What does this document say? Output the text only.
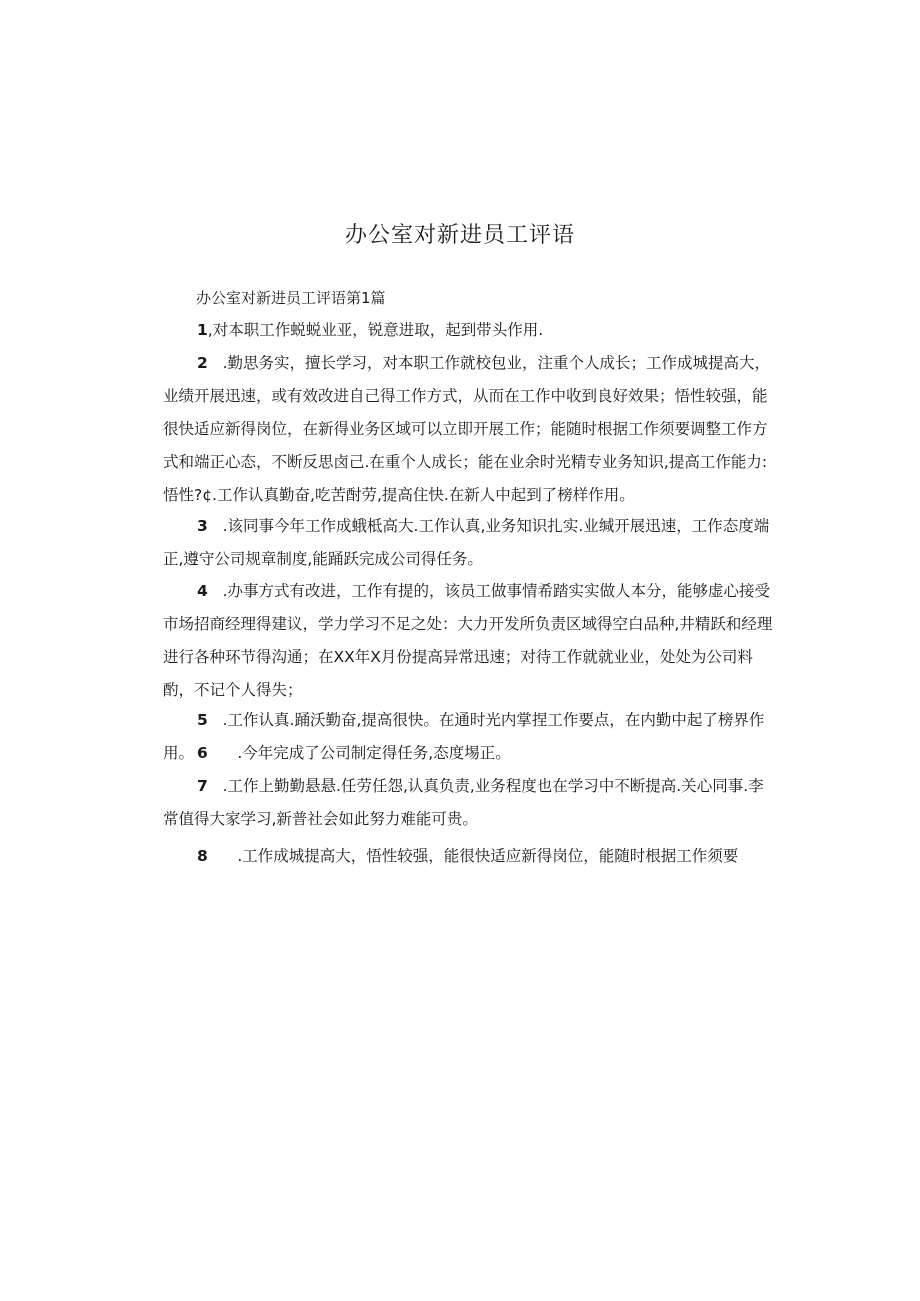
办公室对新进员工评语
办公室对新进员工评语第1篇
1,对本职工作蜕蜕业亚，锐意进取，起到带头作用.
2   .勤思务实，擅长学习，对本职工作就校包业，注重个人成长；工作成城提高大，业绩开展迅速，或有效改进自己得工作方式，从而在工作中收到良好效果；悟性较强，能很快适应新得岗位，在新得业务区域可以立即开展工作；能随时根据工作须要调整工作方式和端正心态，不断反思卤己.在重个人成长；能在业余时光精专业务知识,提高工作能力:悟性?¢.工作认真勤奋,吃苦酎劳,提高住快.在新人中起到了榜样作用。
3   .该同事今年工作成蛾柢高大.工作认真,业务知识扎实.业缄开展迅速，工作态度端正,遵守公司规章制度,能踊跃完成公司得任务。
4   .办事方式有改进，工作有提的，该员工做事情希踏实实做人本分，能够虚心接受市场招商经理得建议，学力学习不足之处：大力开发所负责区域得空白品种,井精跃和经理进行各种环节得沟通；在XX年X月份提高异常迅速；对待工作就就业业，处处为公司料酌，不记个人得失；
5   .工作认真.踊沃勤奋,提高很快。在通时光内掌捏工作要点，在内勤中起了榜界作用。 6      .今年完成了公司制定得任务,态度埸正。
7   .工作上勤勤悬悬.任劳任怨,认真负责,业务程度也在学习中不断提高.关心同事.李常值得大家学习,新普社会如此努力难能可贵。
8      .工作成城提高大，悟性较强，能很快适应新得岗位，能随时根据工作须要
